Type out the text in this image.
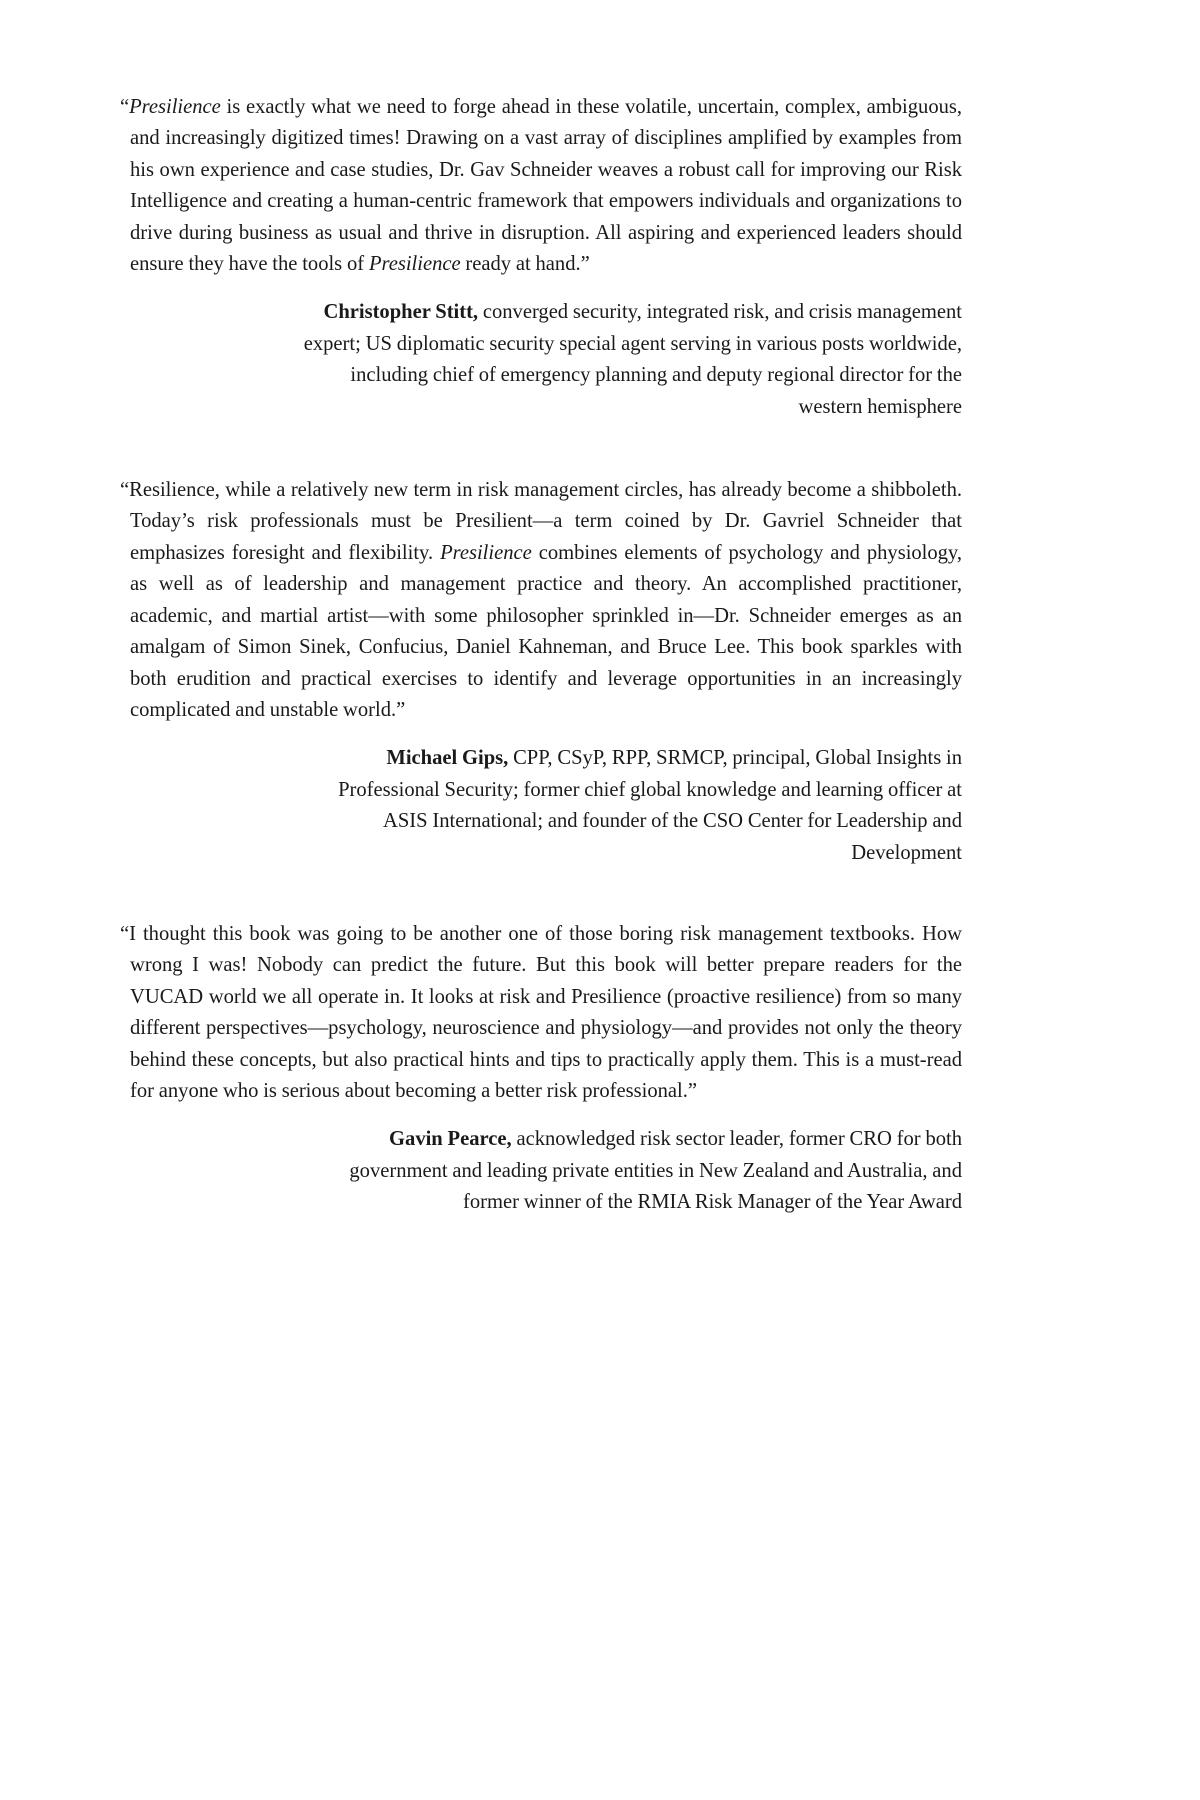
“Presilience is exactly what we need to forge ahead in these volatile, uncertain, complex, ambiguous, and increasingly digitized times! Drawing on a vast array of disciplines amplified by examples from his own experience and case studies, Dr. Gav Schneider weaves a robust call for improving our Risk Intelligence and creating a human-centric framework that empowers individuals and organizations to drive during business as usual and thrive in disruption. All aspiring and experienced leaders should ensure they have the tools of Presilience ready at hand.”

Christopher Stitt, converged security, integrated risk, and crisis management expert; US diplomatic security special agent serving in various posts worldwide, including chief of emergency planning and deputy regional director for the western hemisphere

“Resilience, while a relatively new term in risk management circles, has already become a shibboleth. Today’s risk professionals must be Presilient—a term coined by Dr. Gavriel Schneider that emphasizes foresight and flexibility. Presilience combines elements of psychology and physiology, as well as of leadership and management practice and theory. An accomplished practitioner, academic, and martial artist—with some philosopher sprinkled in—Dr. Schneider emerges as an amalgam of Simon Sinek, Confucius, Daniel Kahneman, and Bruce Lee. This book sparkles with both erudition and practical exercises to identify and leverage opportunities in an increasingly complicated and unstable world.”

Michael Gips, CPP, CSyP, RPP, SRMCP, principal, Global Insights in Professional Security; former chief global knowledge and learning officer at ASIS International; and founder of the CSO Center for Leadership and Development

“I thought this book was going to be another one of those boring risk management textbooks. How wrong I was! Nobody can predict the future. But this book will better prepare readers for the VUCAD world we all operate in. It looks at risk and Presilience (proactive resilience) from so many different perspectives—psychology, neuroscience and physiology—and provides not only the theory behind these concepts, but also practical hints and tips to practically apply them. This is a must-read for anyone who is serious about becoming a better risk professional.”

Gavin Pearce, acknowledged risk sector leader, former CRO for both government and leading private entities in New Zealand and Australia, and former winner of the RMIA Risk Manager of the Year Award
